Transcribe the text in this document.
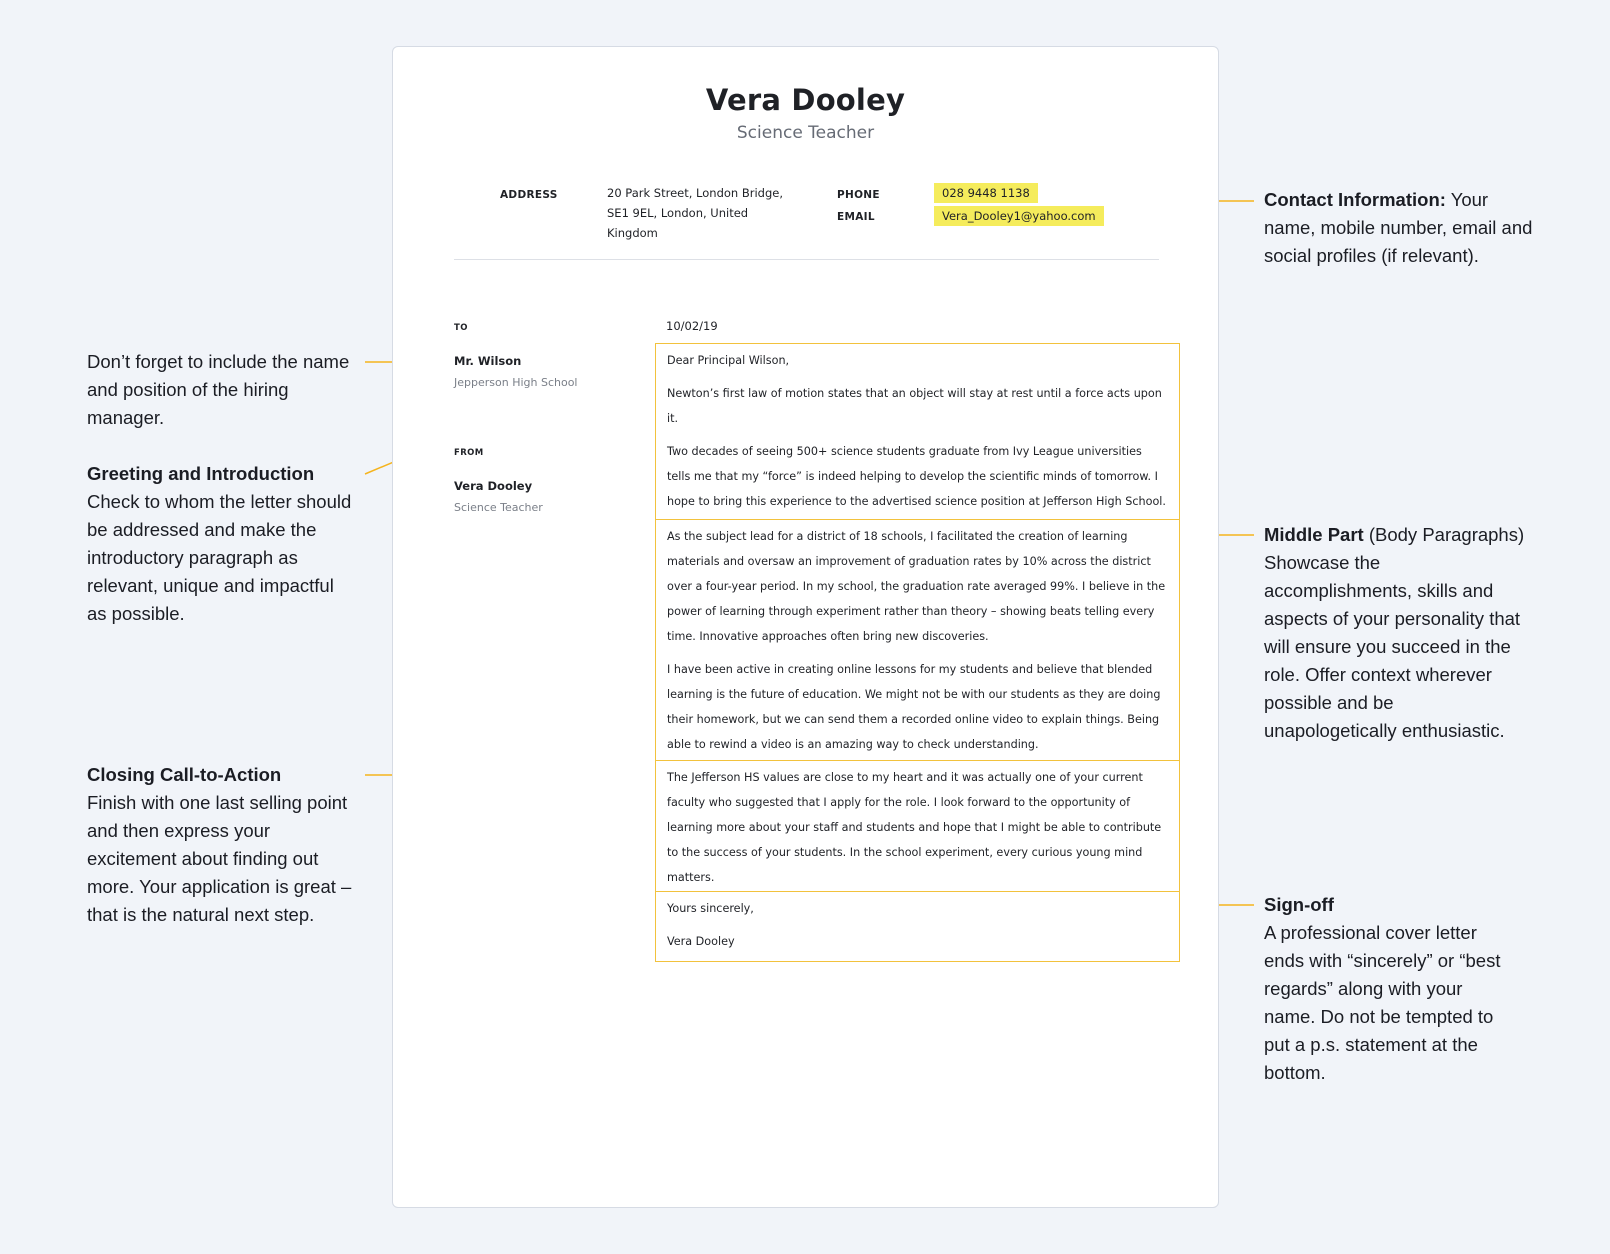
Vera Dooley
Science Teacher
ADDRESS	20 Park Street, London Bridge, SE1 9EL, London, United Kingdom
PHONE	028 9448 1138
EMAIL	Vera_Dooley1@yahoo.com
TO
Mr. Wilson
Jepperson High School
FROM
Vera Dooley
Science Teacher
10/02/19

Dear Principal Wilson,

Newton’s first law of motion states that an object will stay at rest until a force acts upon it.

Two decades of seeing 500+ science students graduate from Ivy League universities tells me that my “force” is indeed helping to develop the scientific minds of tomorrow. I hope to bring this experience to the advertised science position at Jefferson High School.

As the subject lead for a district of 18 schools, I facilitated the creation of learning materials and oversaw an improvement of graduation rates by 10% across the district over a four-year period. In my school, the graduation rate averaged 99%. I believe in the power of learning through experiment rather than theory – showing beats telling every time. Innovative approaches often bring new discoveries.

I have been active in creating online lessons for my students and believe that blended learning is the future of education. We might not be with our students as they are doing their homework, but we can send them a recorded online video to explain things. Being able to rewind a video is an amazing way to check understanding.

The Jefferson HS values are close to my heart and it was actually one of your current faculty who suggested that I apply for the role. I look forward to the opportunity of learning more about your staff and students and hope that I might be able to contribute to the success of your students. In the school experiment, every curious young mind matters.

Yours sincerely,

Vera Dooley

Don’t forget to include the name and position of the hiring manager.
Greeting and Introduction
Check to whom the letter should be addressed and make the introductory paragraph as relevant, unique and impactful as possible.
Closing Call-to-Action
Finish with one last selling point and then express your excitement about finding out more. Your application is great – that is the natural next step.
Contact Information: Your name, mobile number, email and social profiles (if relevant).
Middle Part (Body Paragraphs) Showcase the accomplishments, skills and aspects of your personality that will ensure you succeed in the role. Offer context wherever possible and be unapologetically enthusiastic.
Sign-off
A professional cover letter ends with “sincerely” or “best regards” along with your name. Do not be tempted to put a p.s. statement at the bottom.
